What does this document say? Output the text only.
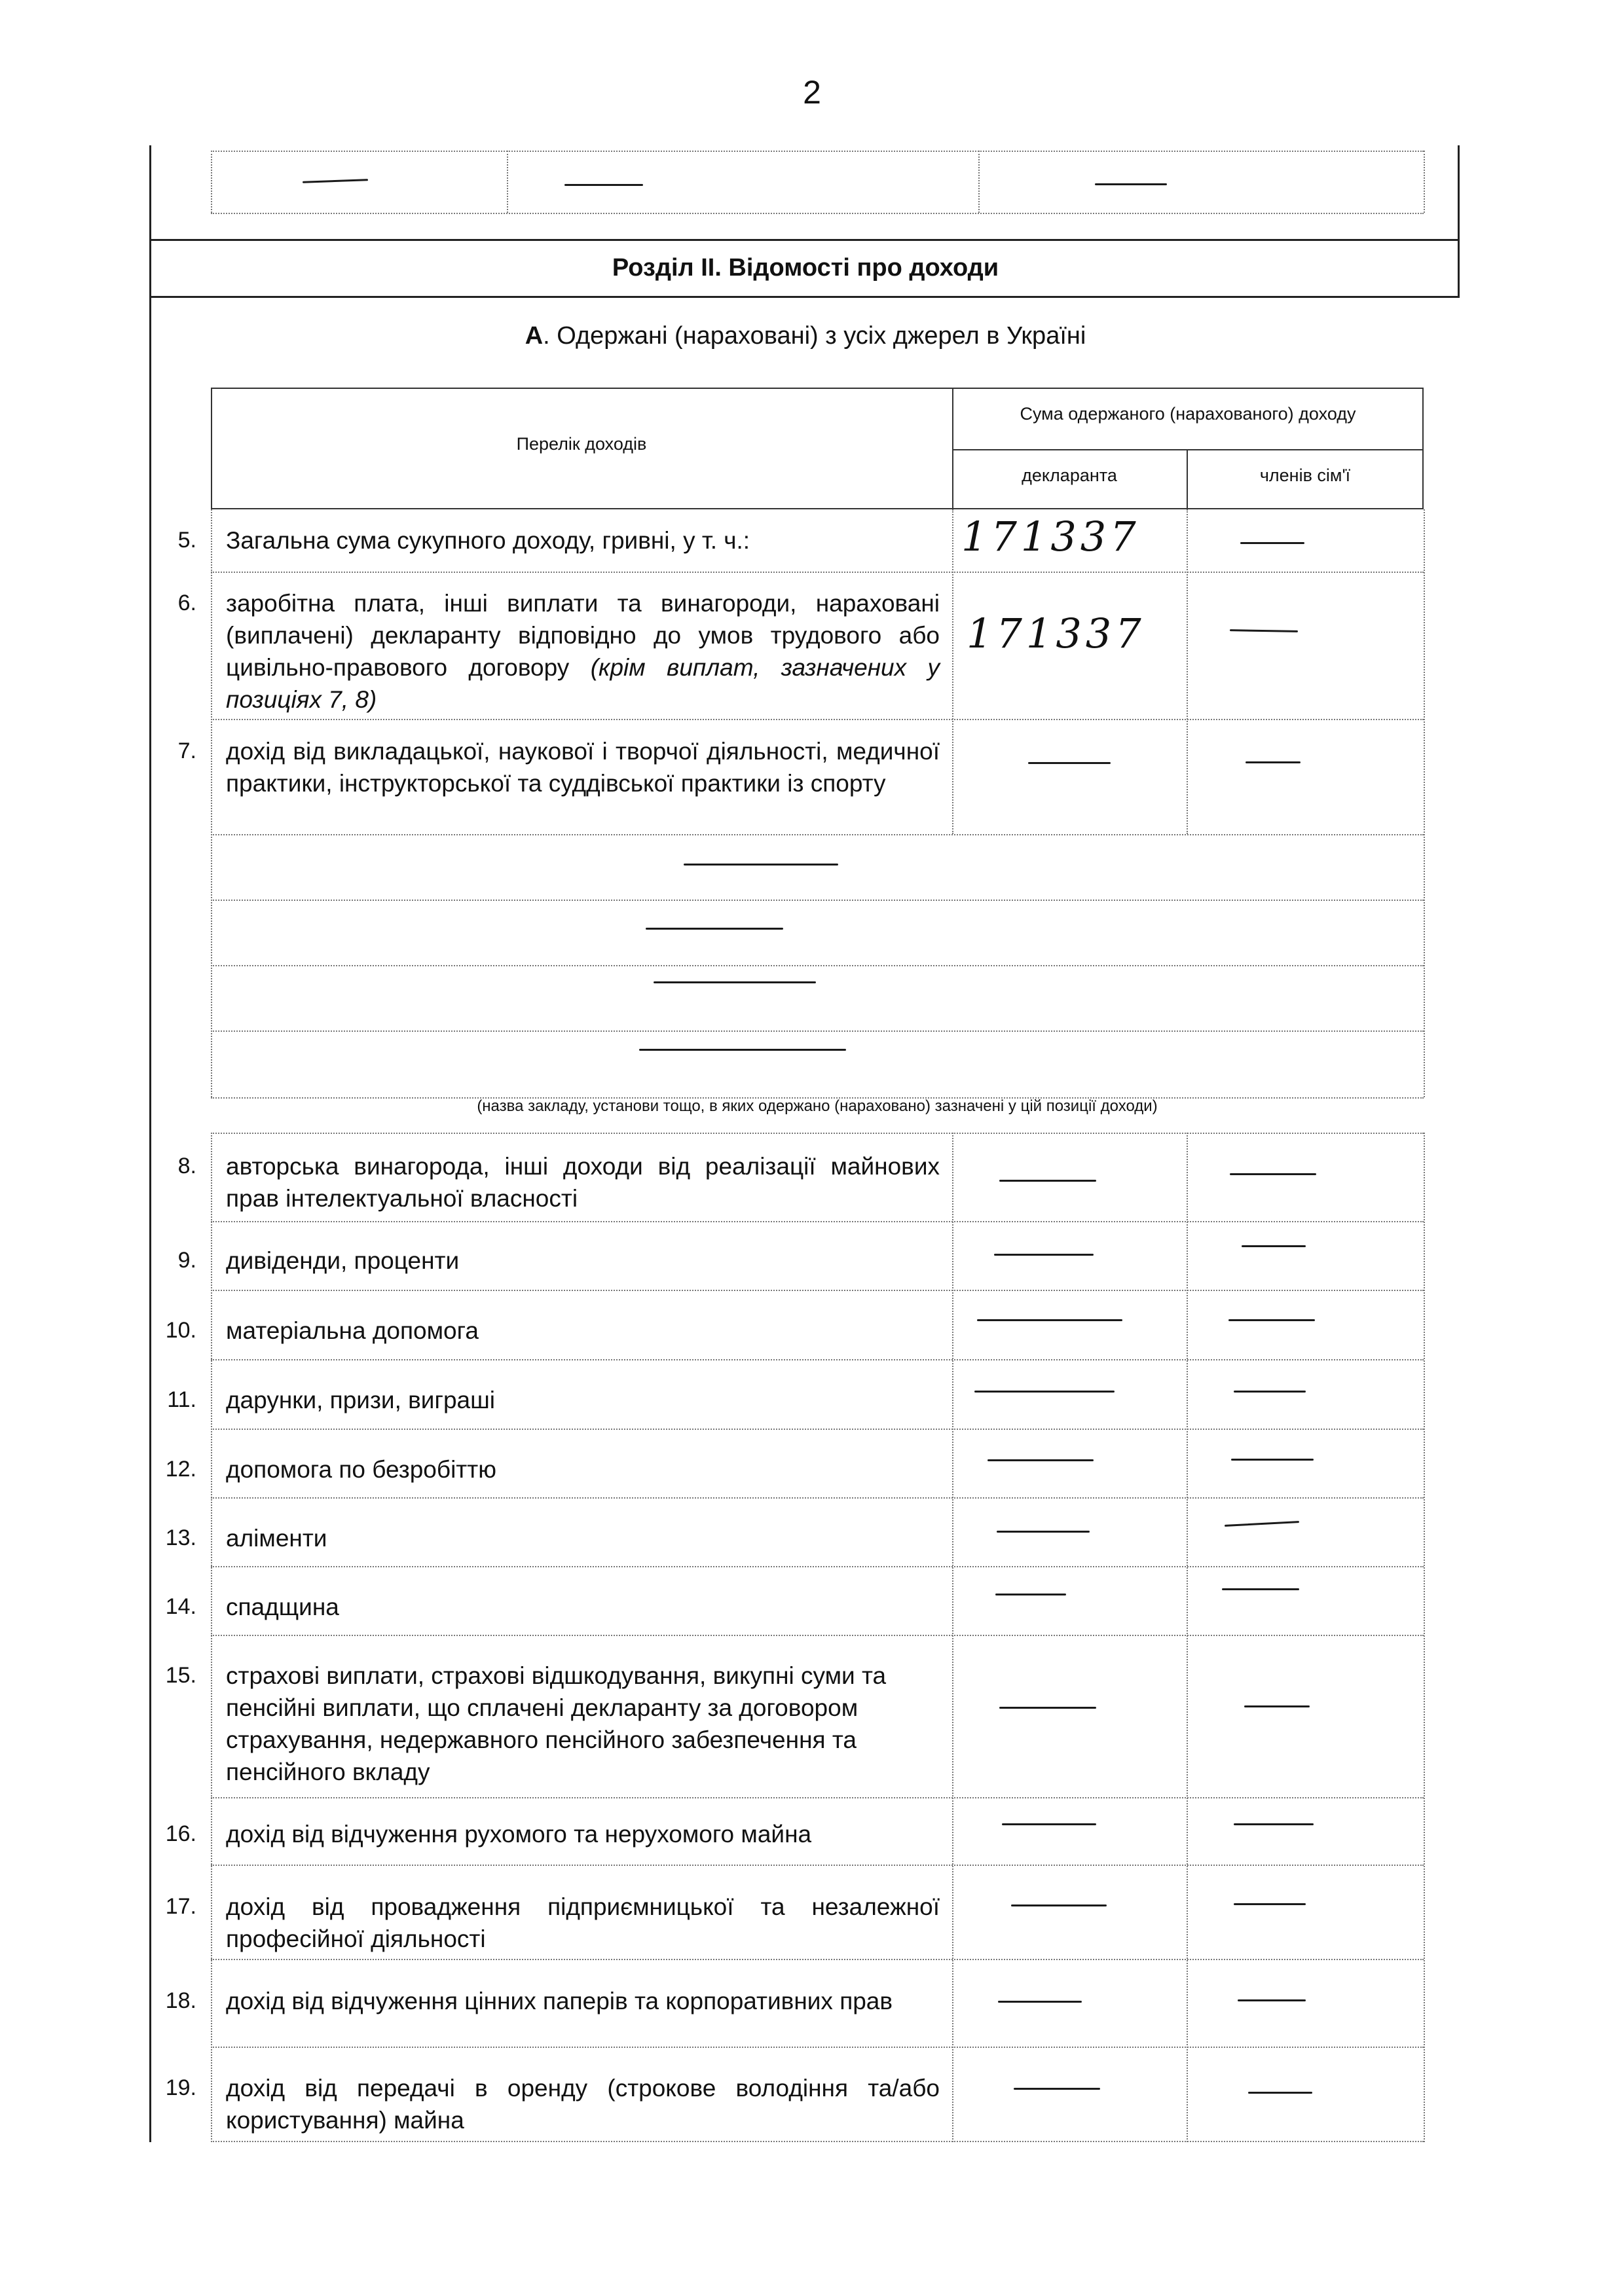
2
Розділ ІІ. Відомості про доходи
А. Одержані (нараховані) з усіх джерел в Україні
Перелік доходів
Сума одержаного (нарахованого) доходу
декларанта	членів сім'ї
5. Загальна сума сукупного доходу, гривні, у т. ч.:	171337
6. заробітна плата, інші виплати та винагороди, нараховані (виплачені) декларанту відповідно до умов трудового або цивільно-правового договору (крім виплат, зазначених у позиціях 7, 8)
171337
7. дохід від викладацької, наукової і творчої діяльності, медичної практики, інструкторської та суддівської практики із спорту
(назва закладу, установи тощо, в яких одержано (нараховано) зазначені у цій позиції доходи)
8. авторська винагорода, інші доходи від реалізації майнових прав інтелектуальної власності
9. дивіденди, проценти
10. матеріальна допомога
11. дарунки, призи, виграші
12. допомога по безробіттю
13. аліменти
14. спадщина
15. страхові виплати, страхові відшкодування, викупні суми та пенсійні виплати, що сплачені декларанту за договором страхування, недержавного пенсійного забезпечення та пенсійного вкладу
16. дохід від відчуження рухомого та нерухомого майна
17. дохід від провадження підприємницької та незалежної професійної діяльності
18. дохід від відчуження цінних паперів та корпоративних прав
19. дохід від передачі в оренду (строкове володіння та/або користування) майна
